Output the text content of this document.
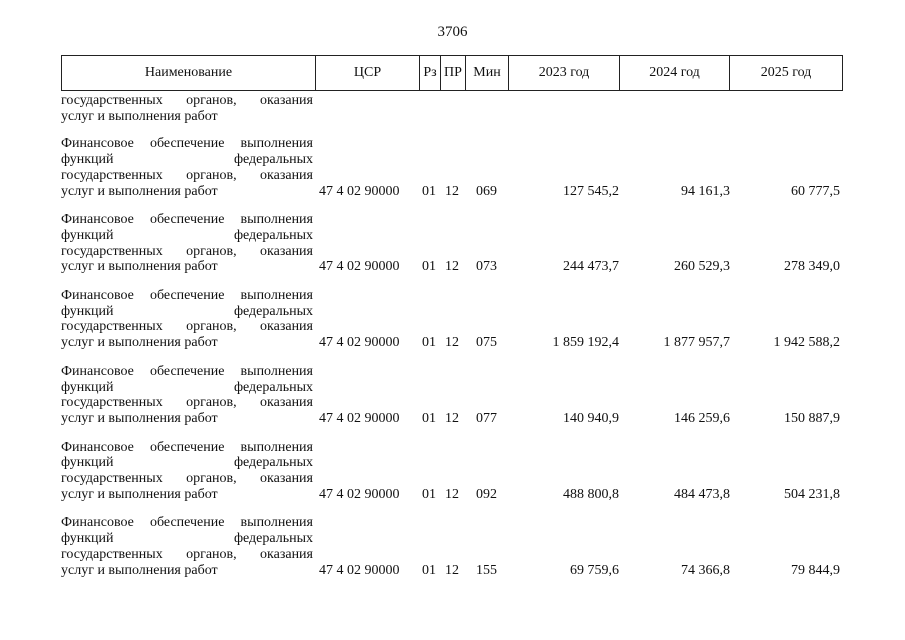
3706
Наименование	ЦСР	Рз ПР Мин	2023 год	2024 год	2025 год
государственных органов, оказания
услуг и выполнения работ
Финансовое обеспечение выполнения
функций федеральных
государственных органов, оказания
услуг и выполнения работ	47 4 02 90000	01 12	069	127 545,2	94 161,3	60 777,5
Финансовое обеспечение выполнения
функций федеральных
государственных органов, оказания
услуг и выполнения работ	47 4 02 90000	01 12	073	244 473,7	260 529,3	278 349,0
Финансовое обеспечение выполнения
функций федеральных
государственных органов, оказания
услуг и выполнения работ	47 4 02 90000	01 12	075	1 859 192,4	1 877 957,7	1 942 588,2
Финансовое обеспечение выполнения
функций федеральных
государственных органов, оказания
услуг и выполнения работ	47 4 02 90000	01 12	077	140 940,9	146 259,6	150 887,9
Финансовое обеспечение выполнения
функций федеральных
государственных органов, оказания
услуг и выполнения работ	47 4 02 90000	01 12	092	488 800,8	484 473,8	504 231,8
Финансовое обеспечение выполнения
функций федеральных
государственных органов, оказания
услуг и выполнения работ	47 4 02 90000	01 12	155	69 759,6	74 366,8	79 844,9
